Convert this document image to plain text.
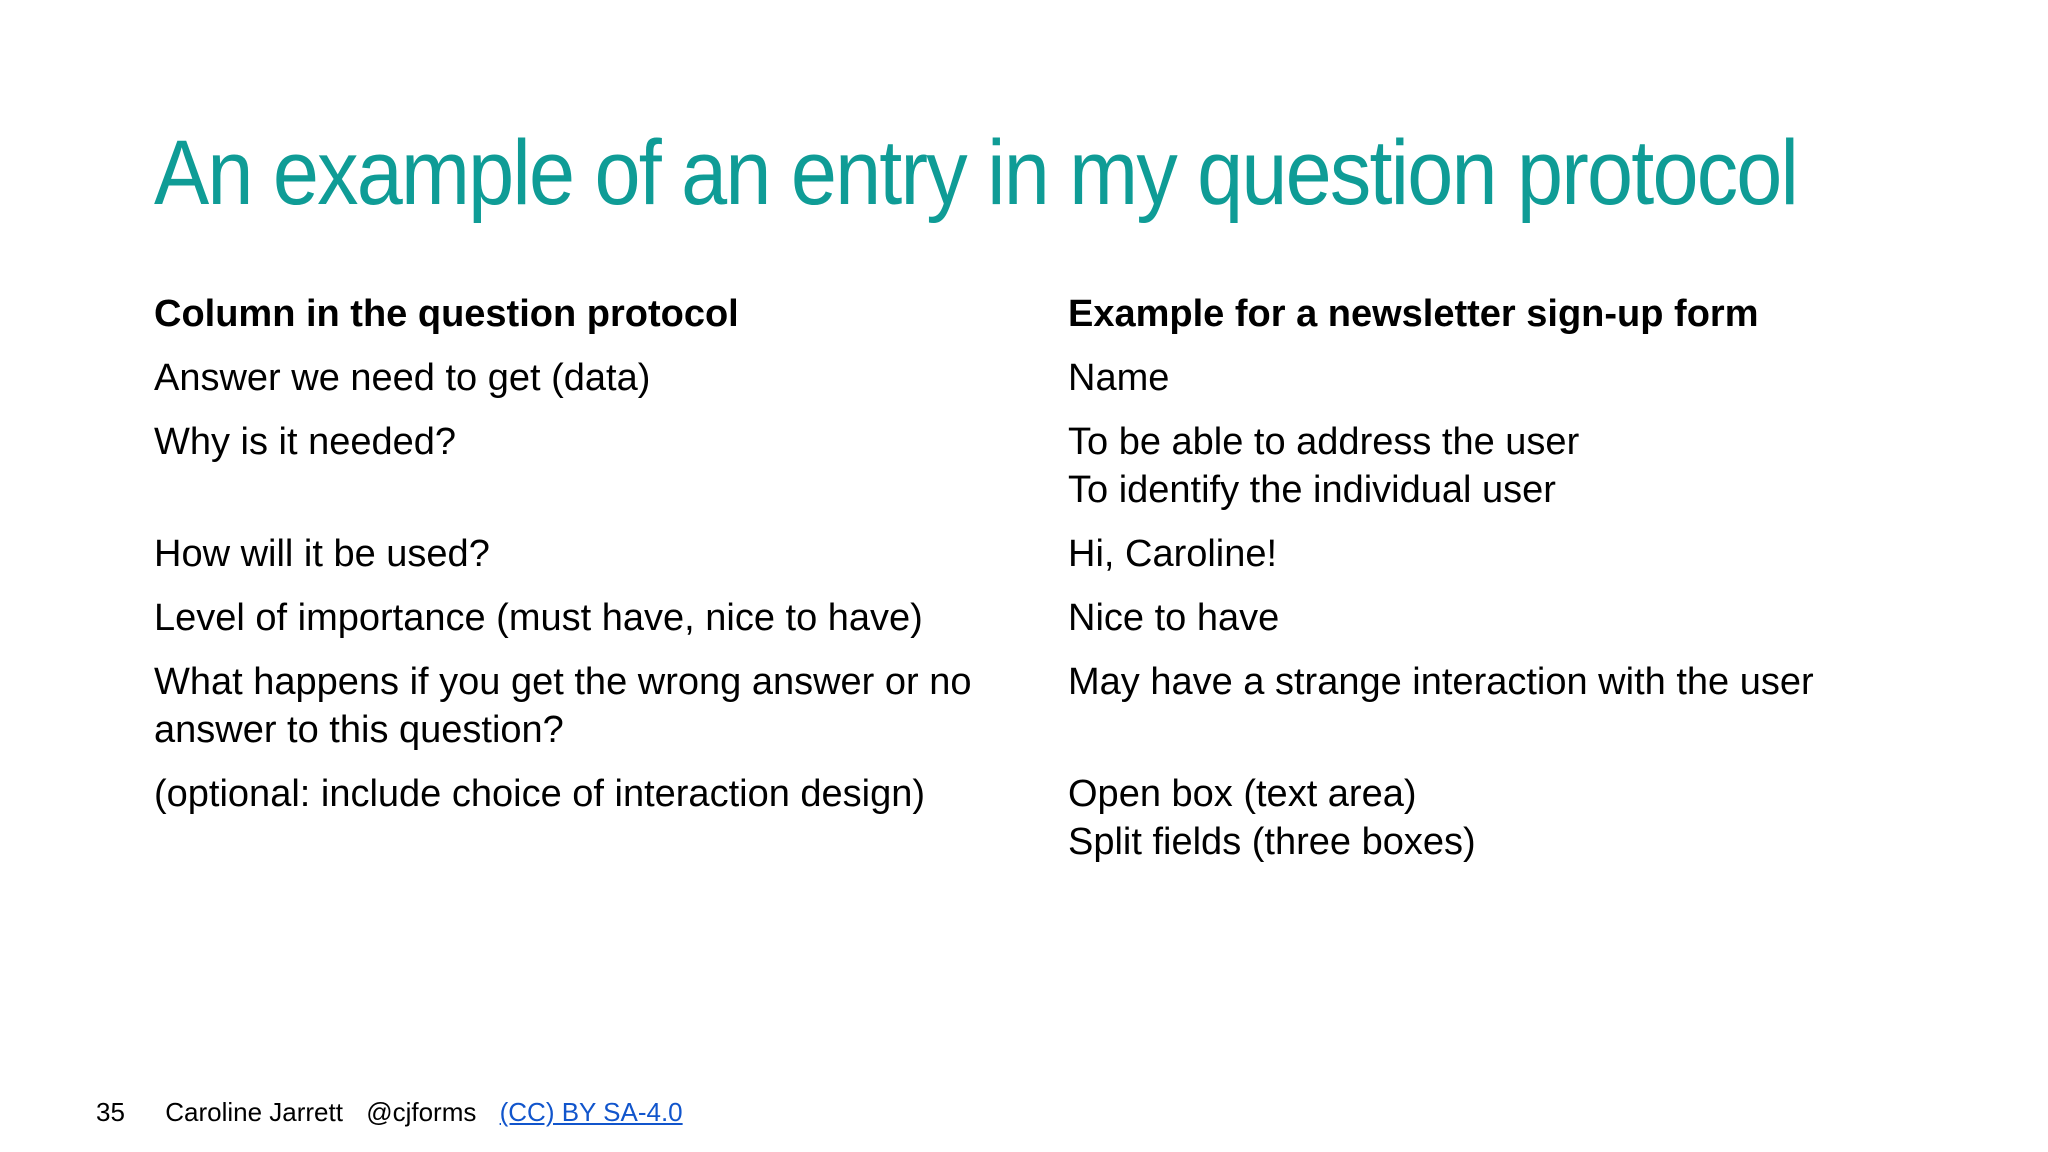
An example of an entry in my question protocol
Column in the question protocol	Example for a newsletter sign-up form

Answer we need to get (data)	Name

Why is it needed?	To be able to address the user
To identify the individual user

How will it be used?	Hi, Caroline!

Level of importance (must have, nice to have)	Nice to have

What happens if you get the wrong answer or no
answer to this question?	May have a strange interaction with the user

(optional: include choice of interaction design)	Open box (text area)
Split fields (three boxes)
35 Caroline Jarrett @cjforms (CC) BY SA-4.0
